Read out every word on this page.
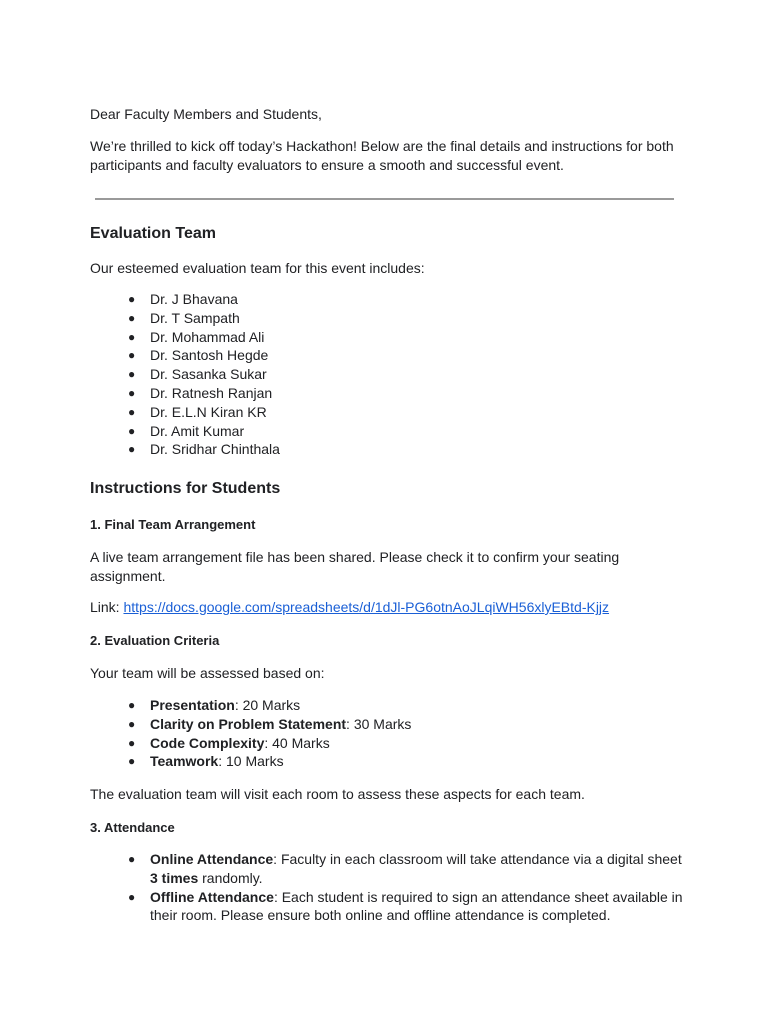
Dear Faculty Members and Students,
We’re thrilled to kick off today’s Hackathon! Below are the final details and instructions for both participants and faculty evaluators to ensure a smooth and successful event.
Evaluation Team
Our esteemed evaluation team for this event includes:
● Dr. J Bhavana
● Dr. T Sampath
● Dr. Mohammad Ali
● Dr. Santosh Hegde
● Dr. Sasanka Sukar
● Dr. Ratnesh Ranjan
● Dr. E.L.N Kiran KR
● Dr. Amit Kumar
● Dr. Sridhar Chinthala
Instructions for Students
1. Final Team Arrangement
A live team arrangement file has been shared. Please check it to confirm your seating assignment.
Link: https://docs.google.com/spreadsheets/d/1dJl-PG6otnAoJLqiWH56xlyEBtd-Kjjz
2. Evaluation Criteria
Your team will be assessed based on:
● Presentation: 20 Marks
● Clarity on Problem Statement: 30 Marks
● Code Complexity: 40 Marks
● Teamwork: 10 Marks
The evaluation team will visit each room to assess these aspects for each team.
3. Attendance
● Online Attendance: Faculty in each classroom will take attendance via a digital sheet 3 times randomly.
● Offline Attendance: Each student is required to sign an attendance sheet available in their room. Please ensure both online and offline attendance is completed.
